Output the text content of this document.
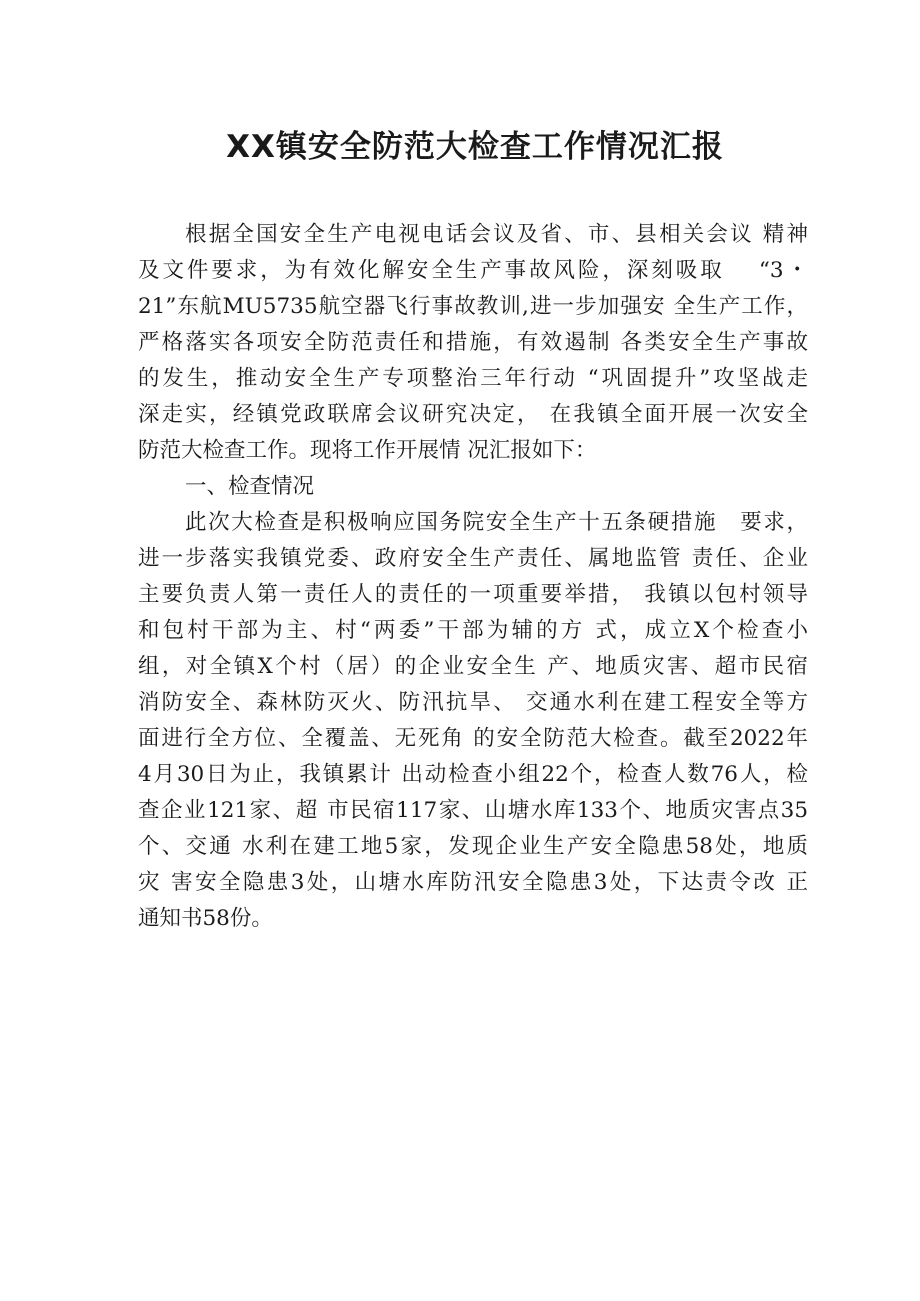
XX镇安全防范大检查工作情况汇报

根据全国安全生产电视电话会议及省、市、县相关会议 精神

及文件要求，为有效化解安全生产事故风险，深刻吸取　 “3・

21”东航MU5735航空器飞行事故教训,进一步加强安 全生产工作，

严格落实各项安全防范责任和措施，有效遏制 各类安全生产事故

的发生，推动安全生产专项整治三年行动 “巩固提升”攻坚战走

深走实，经镇党政联席会议研究决定， 在我镇全面开展一次安全

防范大检查工作。现将工作开展情 况汇报如下：

一、检查情况

此次大检查是积极响应国务院安全生产十五条硬措施　要求，

进一步落实我镇党委、政府安全生产责任、属地监管 责任、企业

主要负责人第一责任人的责任的一项重要举措， 我镇以包村领导

和包村干部为主、村“两委”干部为辅的方 式，成立X个检查小

组，对全镇X个村（居）的企业安全生 产、地质灾害、超市民宿

消防安全、森林防灭火、防汛抗旱、 交通水利在建工程安全等方

面进行全方位、全覆盖、无死角 的安全防范大检查。截至2022年

4月30日为止，我镇累计 出动检查小组22个，检查人数76人，检

查企业121家、超 市民宿117家、山塘水库133个、地质灾害点35

个、交通 水利在建工地5家，发现企业生产安全隐患58处，地质

灾 害安全隐患3处，山塘水库防汛安全隐患3处，下达责令改 正

通知书58份。
